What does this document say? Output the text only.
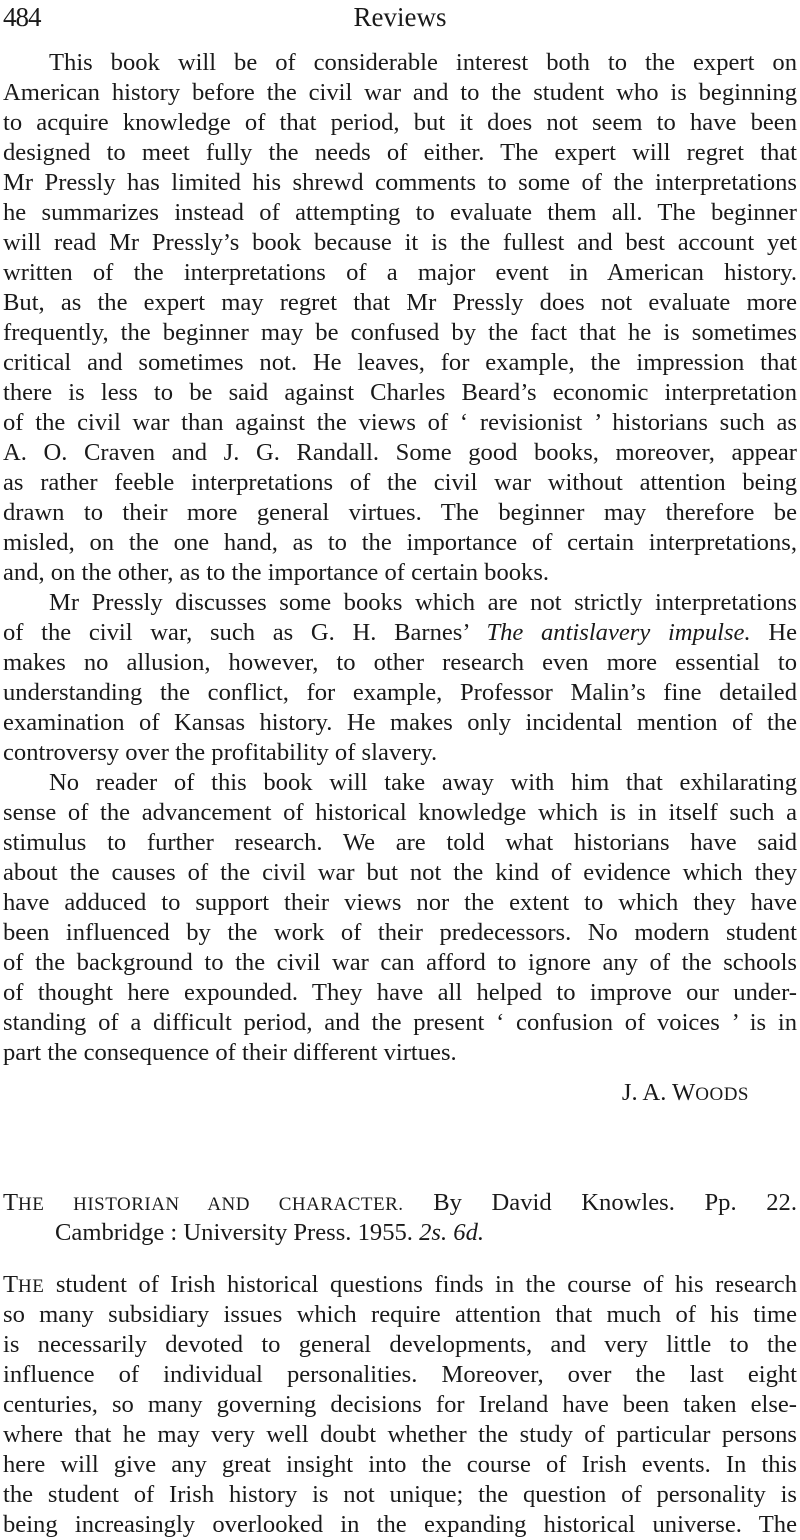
484	Reviews
This book will be of considerable interest both to the expert on
American history before the civil war and to the student who is beginning
to acquire knowledge of that period, but it does not seem to have been
designed to meet fully the needs of either. The expert will regret that
Mr Pressly has limited his shrewd comments to some of the interpretations
he summarizes instead of attempting to evaluate them all. The beginner
will read Mr Pressly’s book because it is the fullest and best account yet
written of the interpretations of a major event in American history.
But, as the expert may regret that Mr Pressly does not evaluate more
frequently, the beginner may be confused by the fact that he is sometimes
critical and sometimes not. He leaves, for example, the impression that
there is less to be said against Charles Beard’s economic interpretation
of the civil war than against the views of ‘ revisionist ’ historians such as
A. O. Craven and J. G. Randall. Some good books, moreover, appear
as rather feeble interpretations of the civil war without attention being
drawn to their more general virtues. The beginner may therefore be
misled, on the one hand, as to the importance of certain interpretations,
and, on the other, as to the importance of certain books.
Mr Pressly discusses some books which are not strictly interpretations
of the civil war, such as G. H. Barnes’ The antislavery impulse. He
makes no allusion, however, to other research even more essential to
understanding the conflict, for example, Professor Malin’s fine detailed
examination of Kansas history. He makes only incidental mention of the
controversy over the profitability of slavery.
No reader of this book will take away with him that exhilarating
sense of the advancement of historical knowledge which is in itself such a
stimulus to further research. We are told what historians have said
about the causes of the civil war but not the kind of evidence which they
have adduced to support their views nor the extent to which they have
been influenced by the work of their predecessors. No modern student
of the background to the civil war can afford to ignore any of the schools
of thought here expounded. They have all helped to improve our under-
standing of a difficult period, and the present ‘ confusion of voices ’ is in
part the consequence of their different virtues.
J. A. WOODS
THE HISTORIAN AND CHARACTER. By David Knowles. Pp. 22.
Cambridge : University Press. 1955. 2s. 6d.
THE student of Irish historical questions finds in the course of his research
so many subsidiary issues which require attention that much of his time
is necessarily devoted to general developments, and very little to the
influence of individual personalities. Moreover, over the last eight
centuries, so many governing decisions for Ireland have been taken else-
where that he may very well doubt whether the study of particular persons
here will give any great insight into the course of Irish events. In this
the student of Irish history is not unique; the question of personality is
being increasingly overlooked in the expanding historical universe. The
